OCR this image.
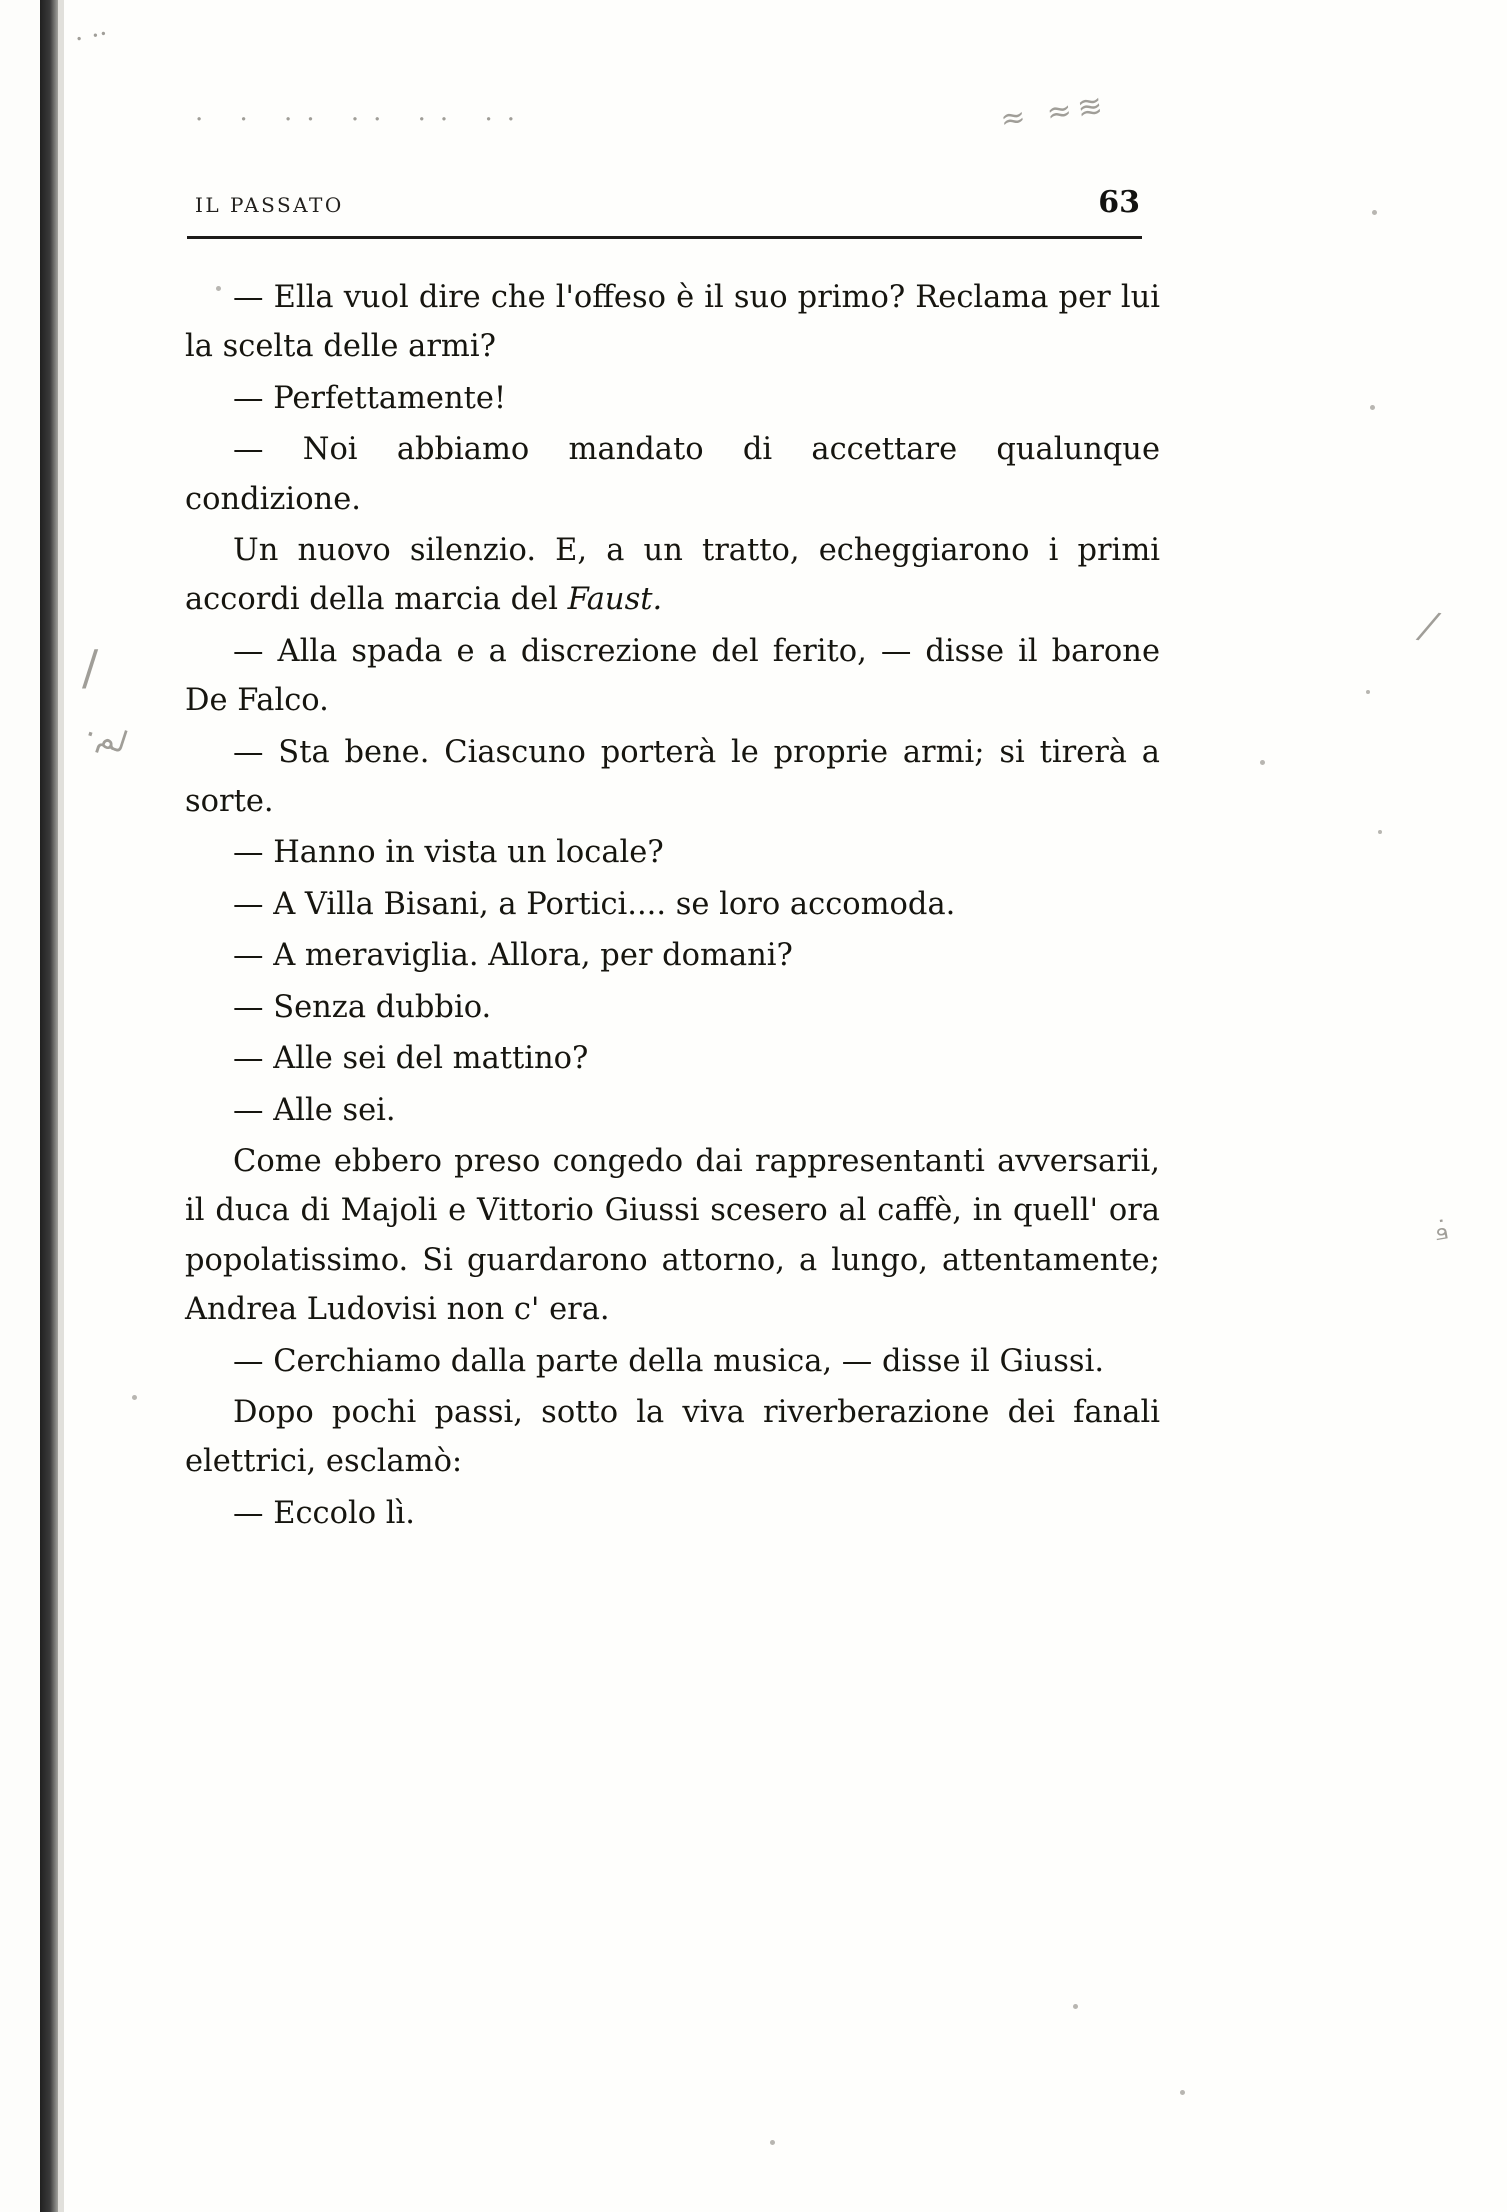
· ··
· · ·· ·· ·· ··	≈ ≈≋
/
۰لم
⁄
۰ܗ
IL PASSATO	63

— Ella vuol dire che l'offeso è il suo primo? Reclama per lui la scelta delle armi?

— Perfettamente!

— Noi abbiamo mandato di accettare qualunque condizione.

Un nuovo silenzio. E, a un tratto, echeggiarono i primi accordi della marcia del Faust.

— Alla spada e a discrezione del ferito, — disse il barone De Falco.

— Sta bene. Ciascuno porterà le proprie armi; si tirerà a sorte.

— Hanno in vista un locale?

— A Villa Bisani, a Portici.... se loro accomoda.

— A meraviglia. Allora, per domani?

— Senza dubbio.

— Alle sei del mattino?

— Alle sei.

Come ebbero preso congedo dai rappresentanti avversarii, il duca di Majoli e Vittorio Giussi scesero al caffè, in quell' ora popolatissimo. Si guardarono attorno, a lungo, attentamente; Andrea Ludovisi non c' era.

— Cerchiamo dalla parte della musica, — disse il Giussi.

Dopo pochi passi, sotto la viva riverberazione dei fanali elettrici, esclamò:

— Eccolo lì.
